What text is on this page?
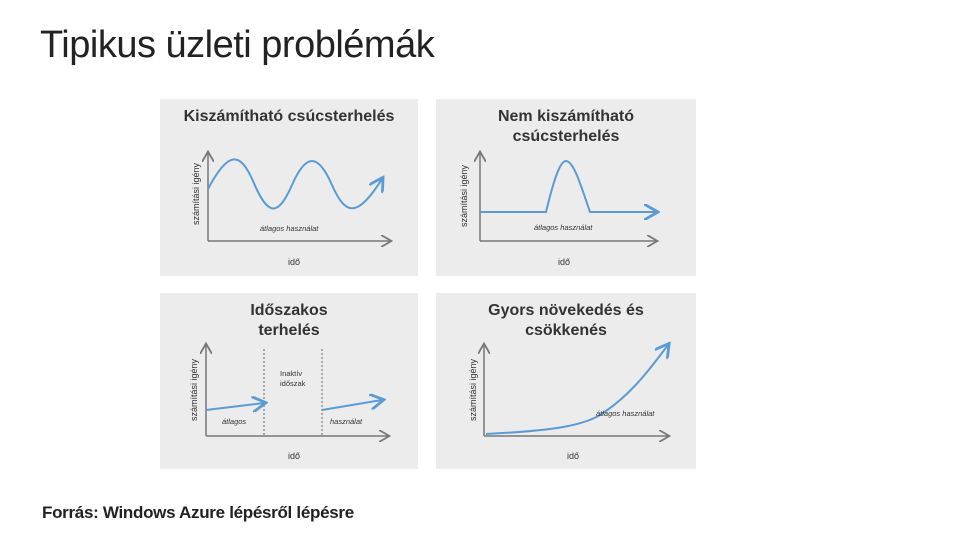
Tipikus üzleti problémák
Kiszámítható csúcsterhelés
számítási igény
átlagos használat
idő
Nem kiszámítható
csúcsterhelés
számítási igény
átlagos használat
idő
Időszakos
terhelés
számítási igény	Inaktív
időszak
átlagos	használat
idő
Gyors növekedés és
csökkenés
számítási igény	átlagos használat
idő
Forrás: Windows Azure lépésről lépésre
